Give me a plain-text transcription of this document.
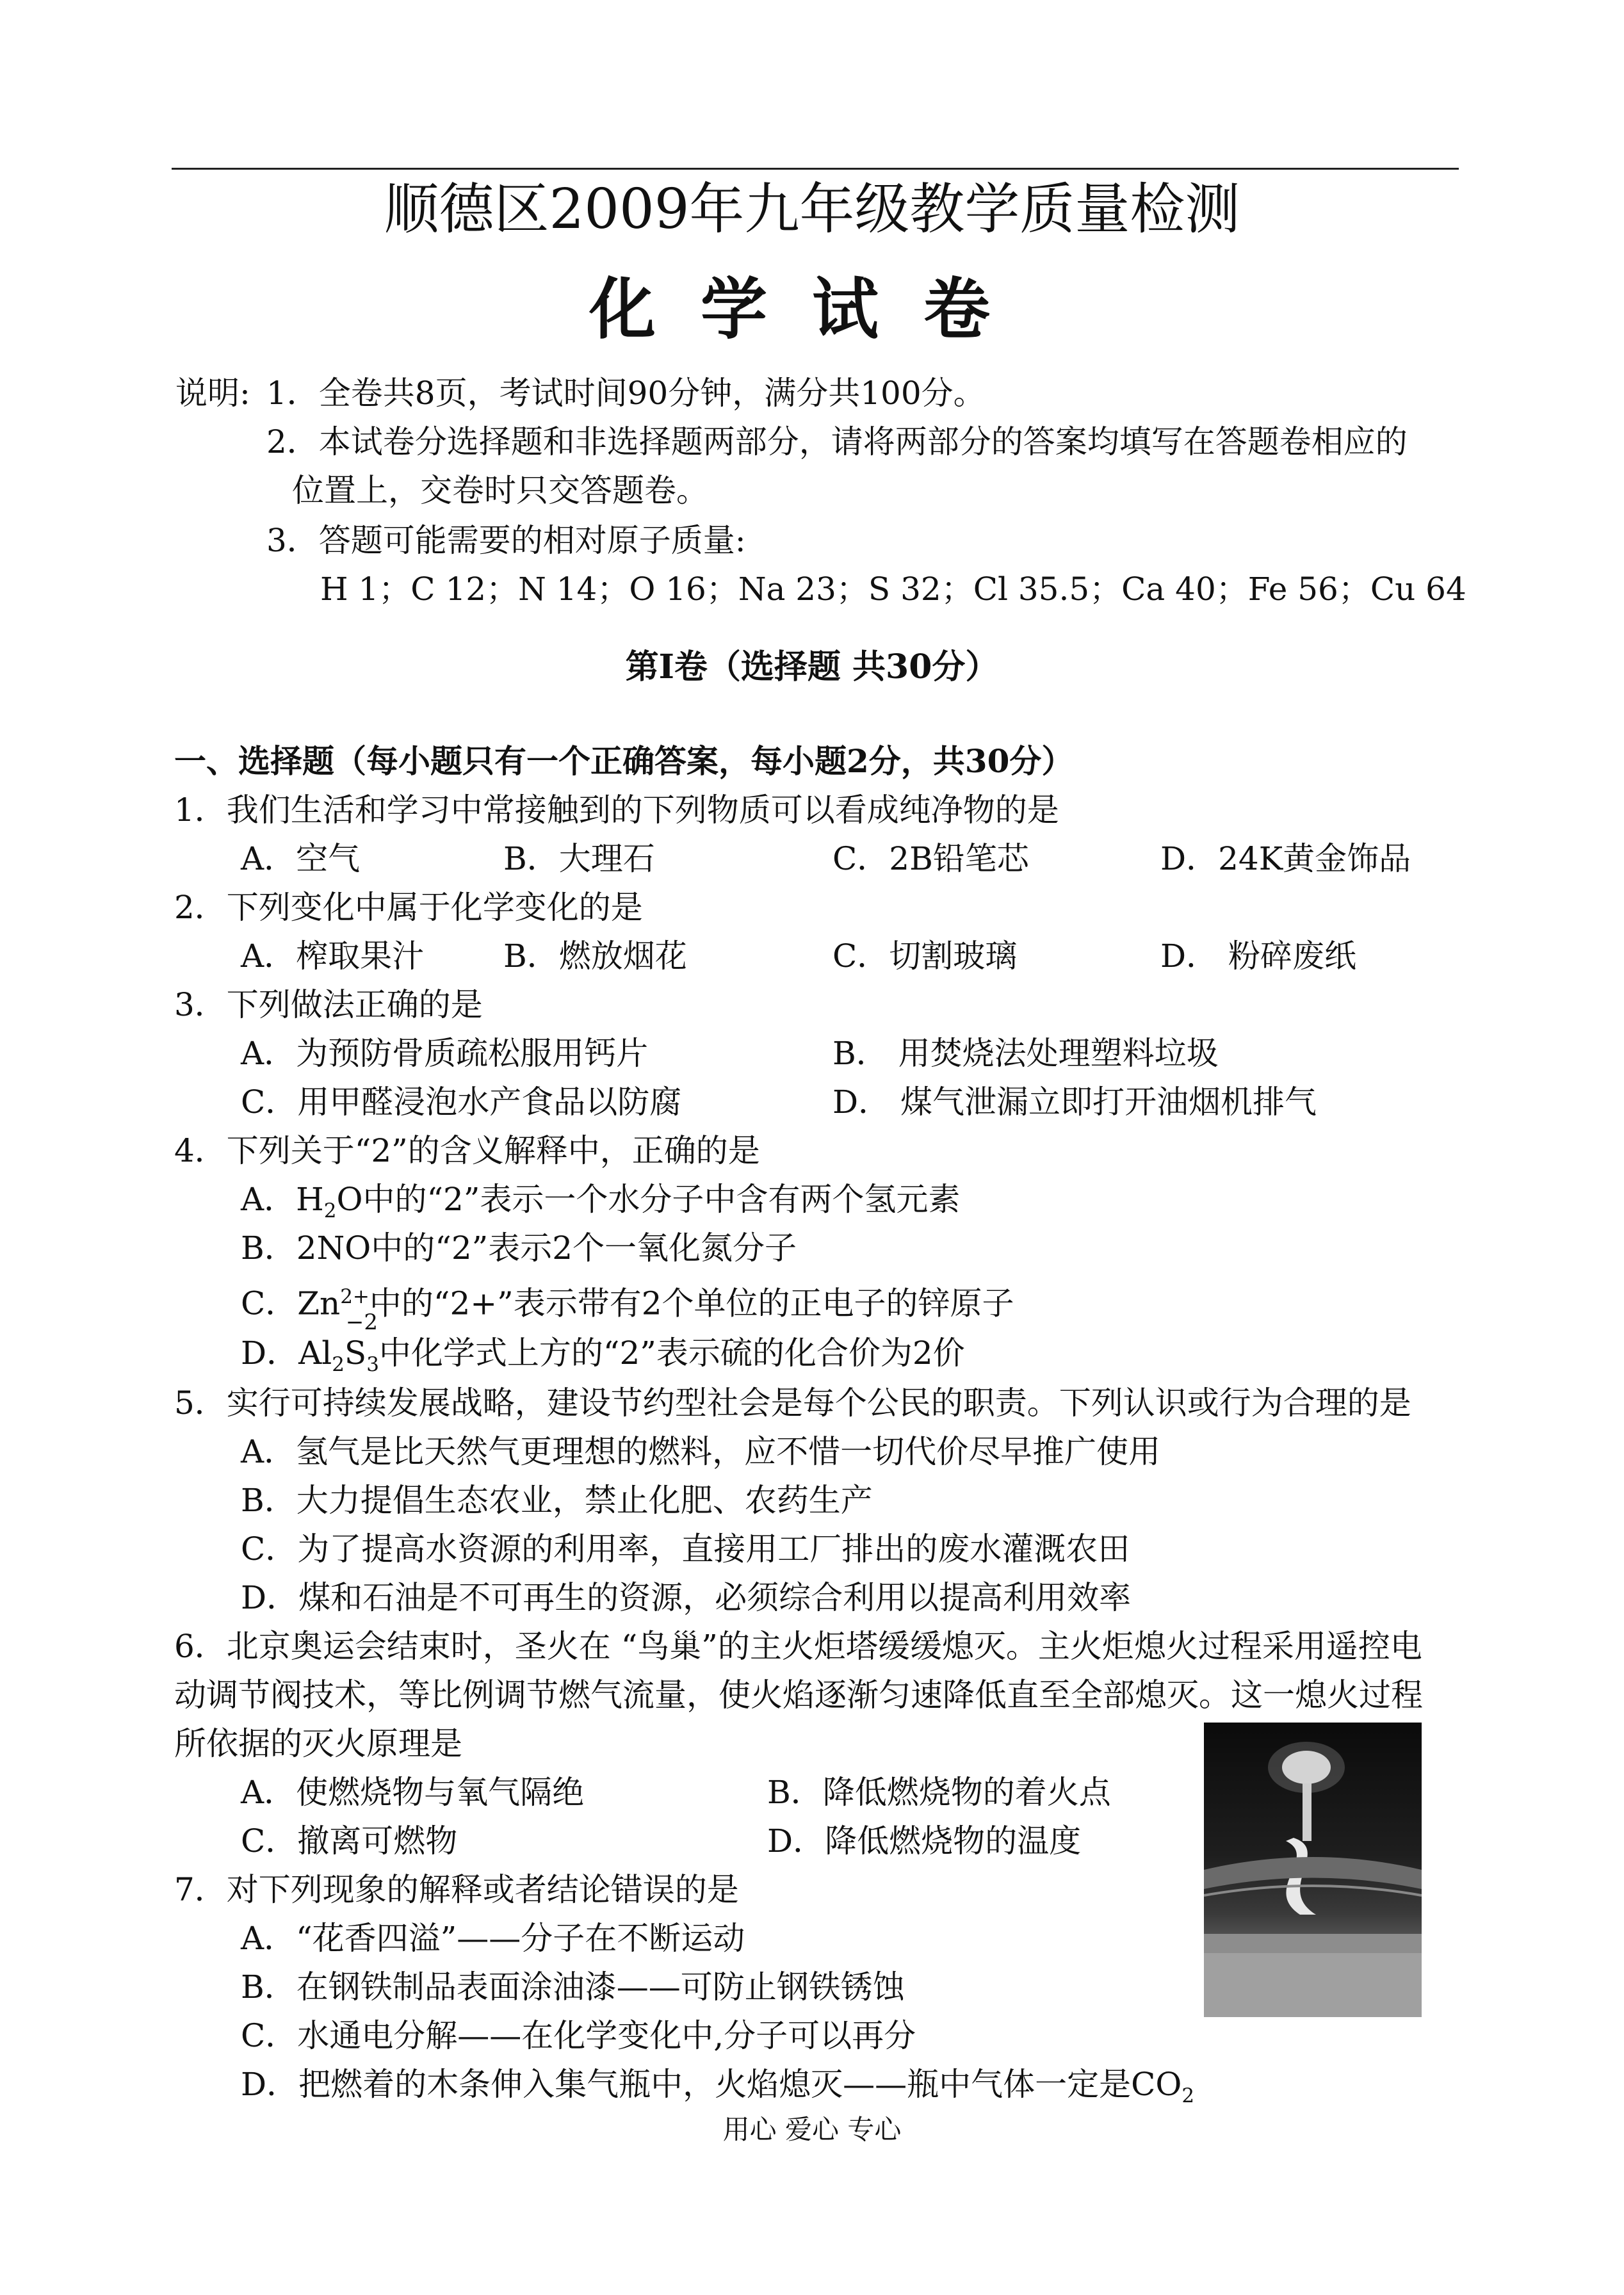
顺德区2009年九年级教学质量检测
化学试卷
说明: 1．全卷共8页，考试时间90分钟，满分共100分。
2．本试卷分选择题和非选择题两部分，请将两部分的答案均填写在答题卷相应的
位置上，交卷时只交答题卷。
3．答题可能需要的相对原子质量:
H 1；C 12；N 14；O 16；Na 23；S 32；Cl 35.5；Ca 40；Fe 56；Cu 64
第Ⅰ卷（选择题 共30分）
一、选择题（每小题只有一个正确答案，每小题2分，共30分）
1．我们生活和学习中常接触到的下列物质可以看成纯净物的是
A．空气	B．大理石	C．2B铅笔芯	D．24K黄金饰品
2．下列变化中属于化学变化的是
A．榨取果汁 B．燃放烟花	C．切割玻璃	D． 粉碎废纸
3．下列做法正确的是
A．为预防骨质疏松服用钙片	B． 用焚烧法处理塑料垃圾
C．用甲醛浸泡水产食品以防腐	D． 煤气泄漏立即打开油烟机排气
4．下列关于“2”的含义解释中，正确的是
A．$H_2O$中的“2”表示一个水分子中含有两个氢元素
B．2NO中的“2”表示2个一氧化氮分子
C．$Zn^{2+}$中的“2+”表示带有2个单位的正电子的锌原子
D．$Al_2$
−2
$S_3$中化学式上方的“2”表示硫的化合价为2价
5．实行可持续发展战略，建设节约型社会是每个公民的职责。下列认识或行为合理的是
A．氢气是比天然气更理想的燃料，应不惜一切代价尽早推广使用
B．大力提倡生态农业，禁止化肥、农药生产
C．为了提高水资源的利用率，直接用工厂排出的废水灌溉农田
D．煤和石油是不可再生的资源，必须综合利用以提高利用效率
6．北京奥运会结束时，圣火在 “鸟巢”的主火炬塔缓缓熄灭。主火炬熄火过程采用遥控电
动调节阀技术，等比例调节燃气流量，使火焰逐渐匀速降低直至全部熄灭。这一熄火过程
所依据的灭火原理是
A．使燃烧物与氧气隔绝	B．降低燃烧物的着火点
C．撤离可燃物	D．降低燃烧物的温度
7．对下列现象的解释或者结论错误的是
A．“花香四溢”——分子在不断运动
B．在钢铁制品表面涂油漆——可防止钢铁锈蚀
C．水通电分解——在化学变化中,分子可以再分
D．把燃着的木条伸入集气瓶中，火焰熄灭——瓶中气体一定是$CO_2$
用心 爱心 专心
